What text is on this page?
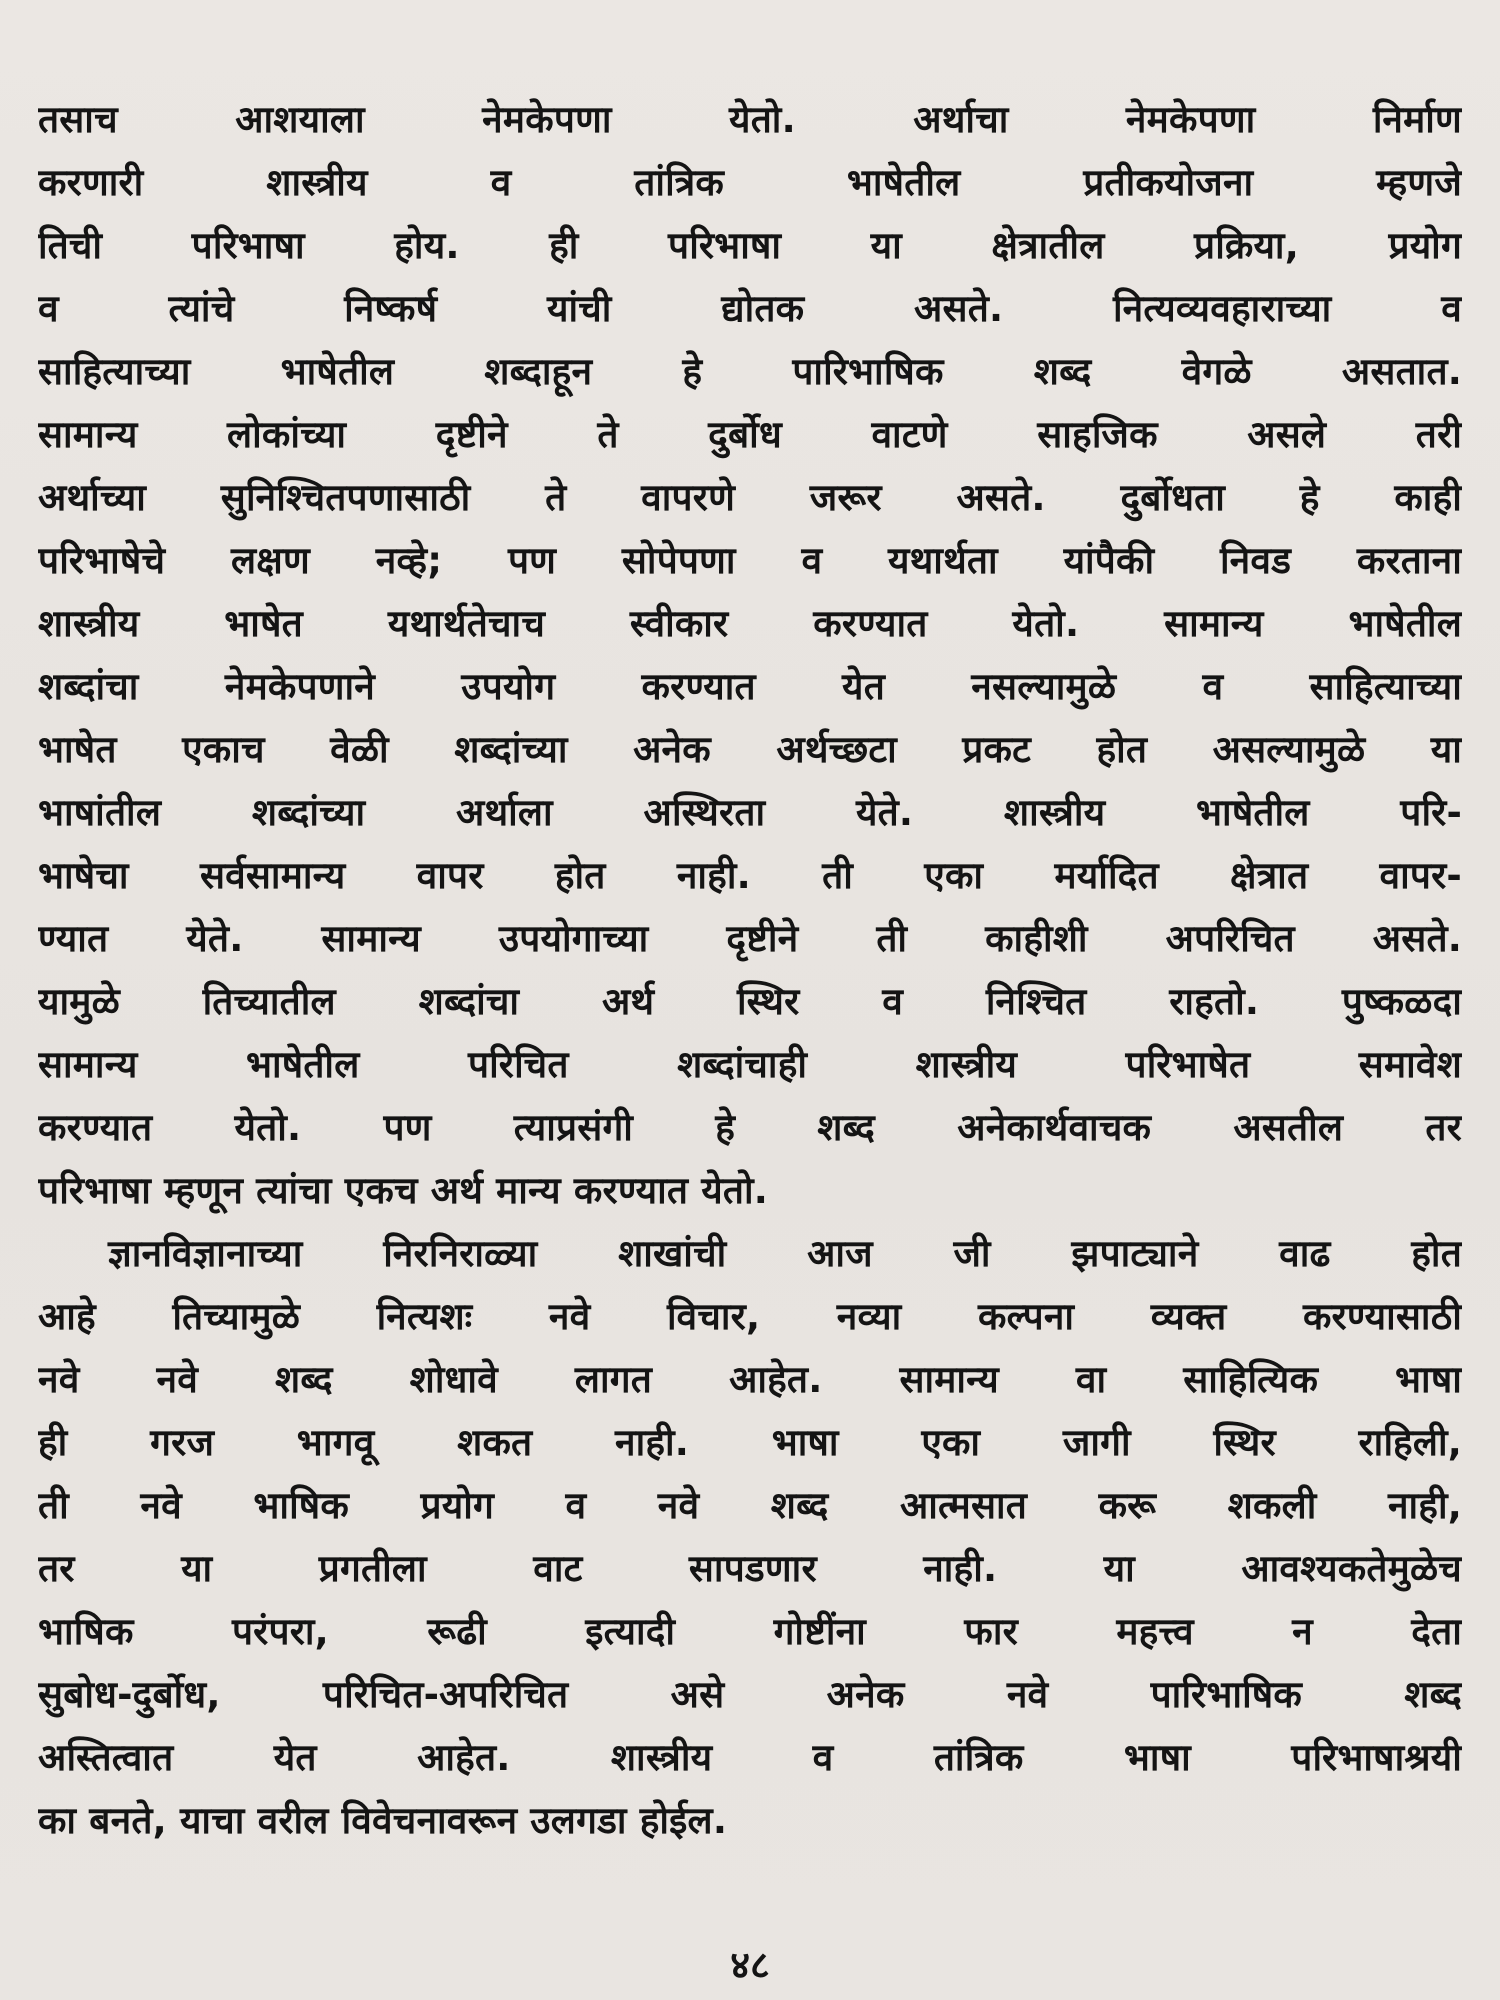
तसाच आशयाला नेमकेपणा येतो. अर्थाचा नेमकेपणा निर्माण
करणारी शास्त्रीय व तांत्रिक भाषेतील प्रतीकयोजना म्हणजे
तिची परिभाषा होय. ही परिभाषा या क्षेत्रातील प्रक्रिया, प्रयोग
व त्यांचे निष्कर्ष यांची द्योतक असते. नित्यव्यवहाराच्या व
साहित्याच्या भाषेतील शब्दाहून हे पारिभाषिक शब्द वेगळे असतात.
सामान्य लोकांच्या दृष्टीने ते दुर्बोध वाटणे साहजिक असले तरी
अर्थाच्या सुनिश्चितपणासाठी ते वापरणे जरूर असते. दुर्बोधता हे काही
परिभाषेचे लक्षण नव्हे; पण सोपेपणा व यथार्थता यांपैकी निवड करताना
शास्त्रीय भाषेत यथार्थतेचाच स्वीकार करण्यात येतो. सामान्य भाषेतील
शब्दांचा नेमकेपणाने उपयोग करण्यात येत नसल्यामुळे व साहित्याच्या
भाषेत एकाच वेळी शब्दांच्या अनेक अर्थच्छटा प्रकट होत असल्यामुळे या
भाषांतील शब्दांच्या अर्थाला अस्थिरता येते. शास्त्रीय भाषेतील परि-
भाषेचा सर्वसामान्य वापर होत नाही. ती एका मर्यादित क्षेत्रात वापर-
ण्यात येते. सामान्य उपयोगाच्या दृष्टीने ती काहीशी अपरिचित असते.
यामुळे तिच्यातील शब्दांचा अर्थ स्थिर व निश्चित राहतो. पुष्कळदा
सामान्य भाषेतील परिचित शब्दांचाही शास्त्रीय परिभाषेत समावेश
करण्यात येतो. पण त्याप्रसंगी हे शब्द अनेकार्थवाचक असतील तर
परिभाषा म्हणून त्यांचा एकच अर्थ मान्य करण्यात येतो.
ज्ञानविज्ञानाच्या निरनिराळ्या शाखांची आज जी झपाट्याने वाढ होत
आहे तिच्यामुळे नित्यशः नवे विचार, नव्या कल्पना व्यक्त करण्यासाठी
नवे नवे शब्द शोधावे लागत आहेत. सामान्य वा साहित्यिक भाषा
ही गरज भागवू शकत नाही. भाषा एका जागी स्थिर राहिली,
ती नवे भाषिक प्रयोग व नवे शब्द आत्मसात करू शकली नाही,
तर या प्रगतीला वाट सापडणार नाही. या आवश्यकतेमुळेच
भाषिक परंपरा, रूढी इत्यादी गोष्टींना फार महत्त्व न देता
सुबोध-दुर्बोध, परिचित-अपरिचित असे अनेक नवे पारिभाषिक शब्द
अस्तित्वात येत आहेत. शास्त्रीय व तांत्रिक भाषा परिभाषाश्रयी
का बनते, याचा वरील विवेचनावरून उलगडा होईल.
४८
